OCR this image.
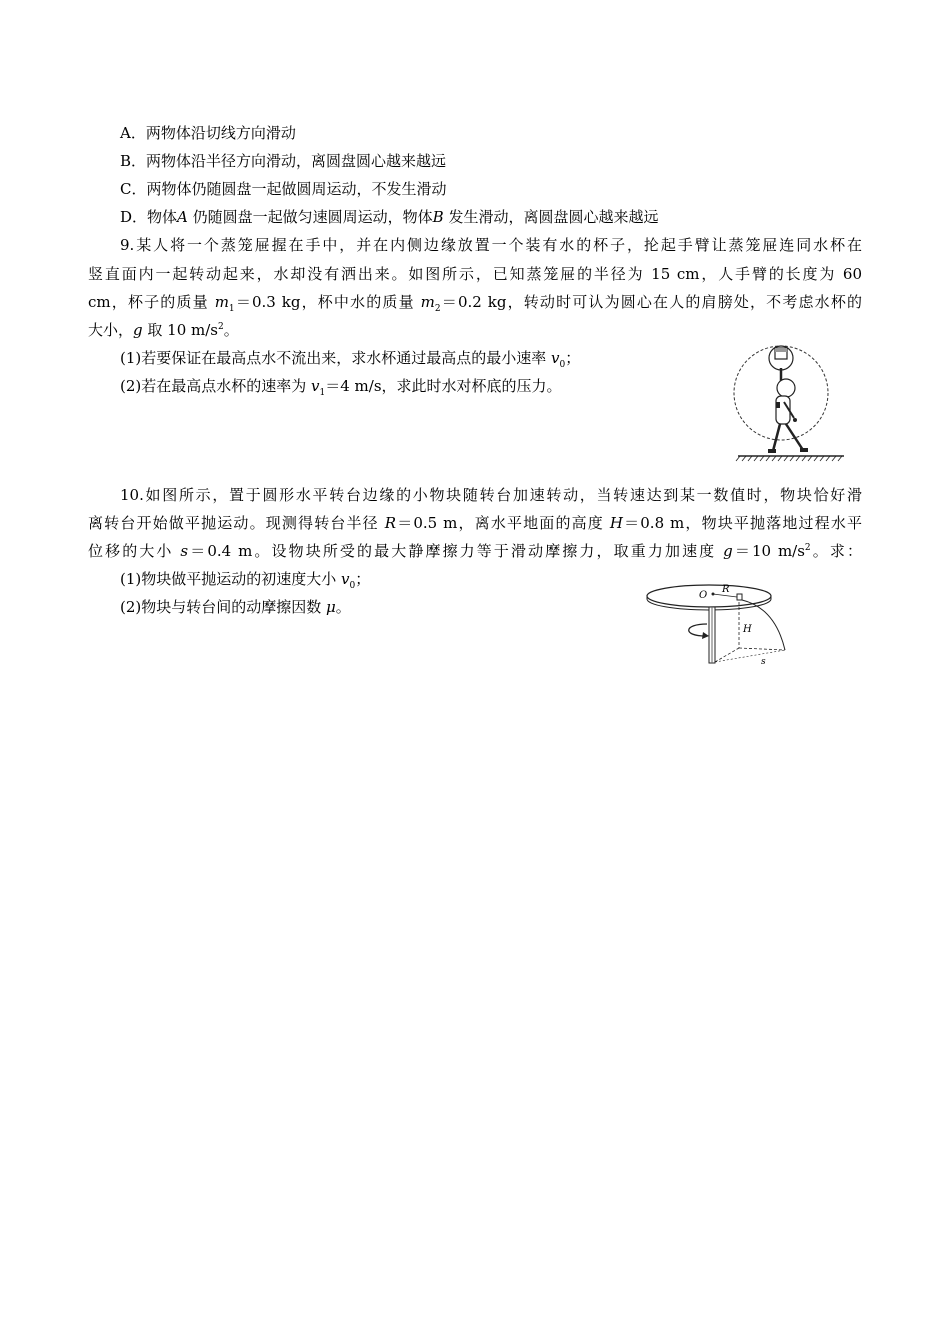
A．两物体沿切线方向滑动
B．两物体沿半径方向滑动，离圆盘圆心越来越远
C．两物体仍随圆盘一起做圆周运动，不发生滑动
D．物体A 仍随圆盘一起做匀速圆周运动，物体B 发生滑动，离圆盘圆心越来越远
9.某人将一个蒸笼屉握在手中，并在内侧边缘放置一个装有水的杯子，抡起手臂让蒸笼屉连同水杯在
竖直面内一起转动起来，水却没有洒出来。如图所示，已知蒸笼屉的半径为 15 cm，人手臂的长度为 60
cm，杯子的质量 $m_1=0.3$ kg，杯中水的质量 $m_2=0.2$ kg，转动时可认为圆心在人的肩膀处，不考虑水杯的
大小，g 取 10 $m/s^2$。
(1)若要保证在最高点水不流出来，求水杯通过最高点的最小速率 $v_0$；
(2)若在最高点水杯的速率为 $v_1=4$ m/s，求此时水对杯底的压力。
10.如图所示，置于圆形水平转台边缘的小物块随转台加速转动，当转速达到某一数值时，物块恰好滑
离转台开始做平抛运动。现测得转台半径 R＝0.5 m，离水平地面的高度 H＝0.8 m，物块平抛落地过程水平
位移的大小 s＝0.4 m。设物块所受的最大静摩擦力等于滑动摩擦力，取重力加速度 g＝10 $m/s^2$。求：
(1)物块做平抛运动的初速度大小 $v_0$；
(2)物块与转台间的动摩擦因数 μ。
O
R
H
s
